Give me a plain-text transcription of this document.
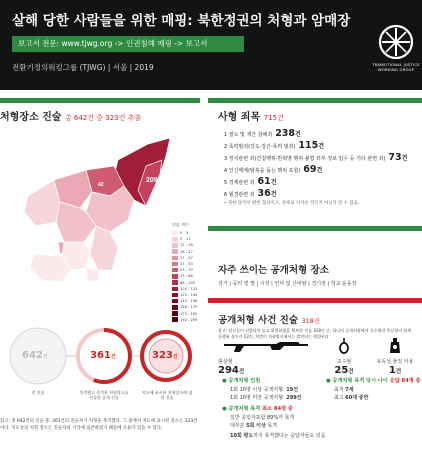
살해 당한 사람들을 위한 매핑: 북한정권의 처형과 암매장
보고서 전문: www.tjwg.org -> 인권침해 매핑 -> 보고서
전환기정의워킹그룹 (TJWG) | 서울 | 2019	TRANSITIONAL JUSTICE WORKING GROUP
처형장소 진술 총 642건 중 323건 추출
209
42
진술 개수
0 - 5
5 - 11
11 - 16
16 - 27
27 - 37
37 - 53
53 - 70
70 - 88
88 - 105
105 - 123
123 - 140
140 - 158
158 - 175
175 - 192
192 - 209
642건	361건	323건
총 진술	목격했고 목격한 처형장소를 진술한 공개 진술
지도에 표시된 처형장소에 대한 진술
참고: 총 642건의 진술 중, 361건의 진술자가 처형을 목격했다. 그 중에서 지도에 표시된 장소는 323건이다. 지도상의 처형 장소는 진술자의 기억에 의존하였기 때문에 오류가 있을 수 있다.
사형 죄목 715건
1 절도 및 재산 침해죄 238건
2 폭력범죄(강도·강간·폭력 범죄) 115건
3 정치관련 죄(간첩행위·반혁명 행위·불법 외부 정보 입수 등 기타 관련 죄) 73건
4 인신매매(탈북을 돕는 행위 포함) 69건
5 경제관련 죄 61건
6 월경관련 죄 36건
• 북한 당국이 밝힌 혐의이고, 실제로 저지른 것인지 아닌지 알 수 없음.
자주 쓰이는 공개처형 장소
강가 | 공터 및 밭 | 시장 | 언덕 및 산비탈 | 경기장 | 학교 운동장
공개처형 사건 진술 318건
참고: 당신들이 선발되어 높고 위원하였을 확보한 진술 318건 중, 하나의 공개처형에서 고수형과 총살형이 함께 집행된 경우가 13건, 처벌이 처형방식에서는 발견되는 행렬된다
총살형
294건
교수형
25건
유독성 물질 사용
1건
● 공개처형 인원
1회 10명 이상 공개처형: 19건
1회 10명 미만 공개처형: 299건
● 공개처형 목격 최소 84명 중
일반 공입자포함 89%가 목격
대부분 5회 이상 목격
10회 평도까지 목격했다는 응답자들도 있음
● 공개처형 목격 당시 나이 응답 84명 중
최저 7세
최고 60대 중반
